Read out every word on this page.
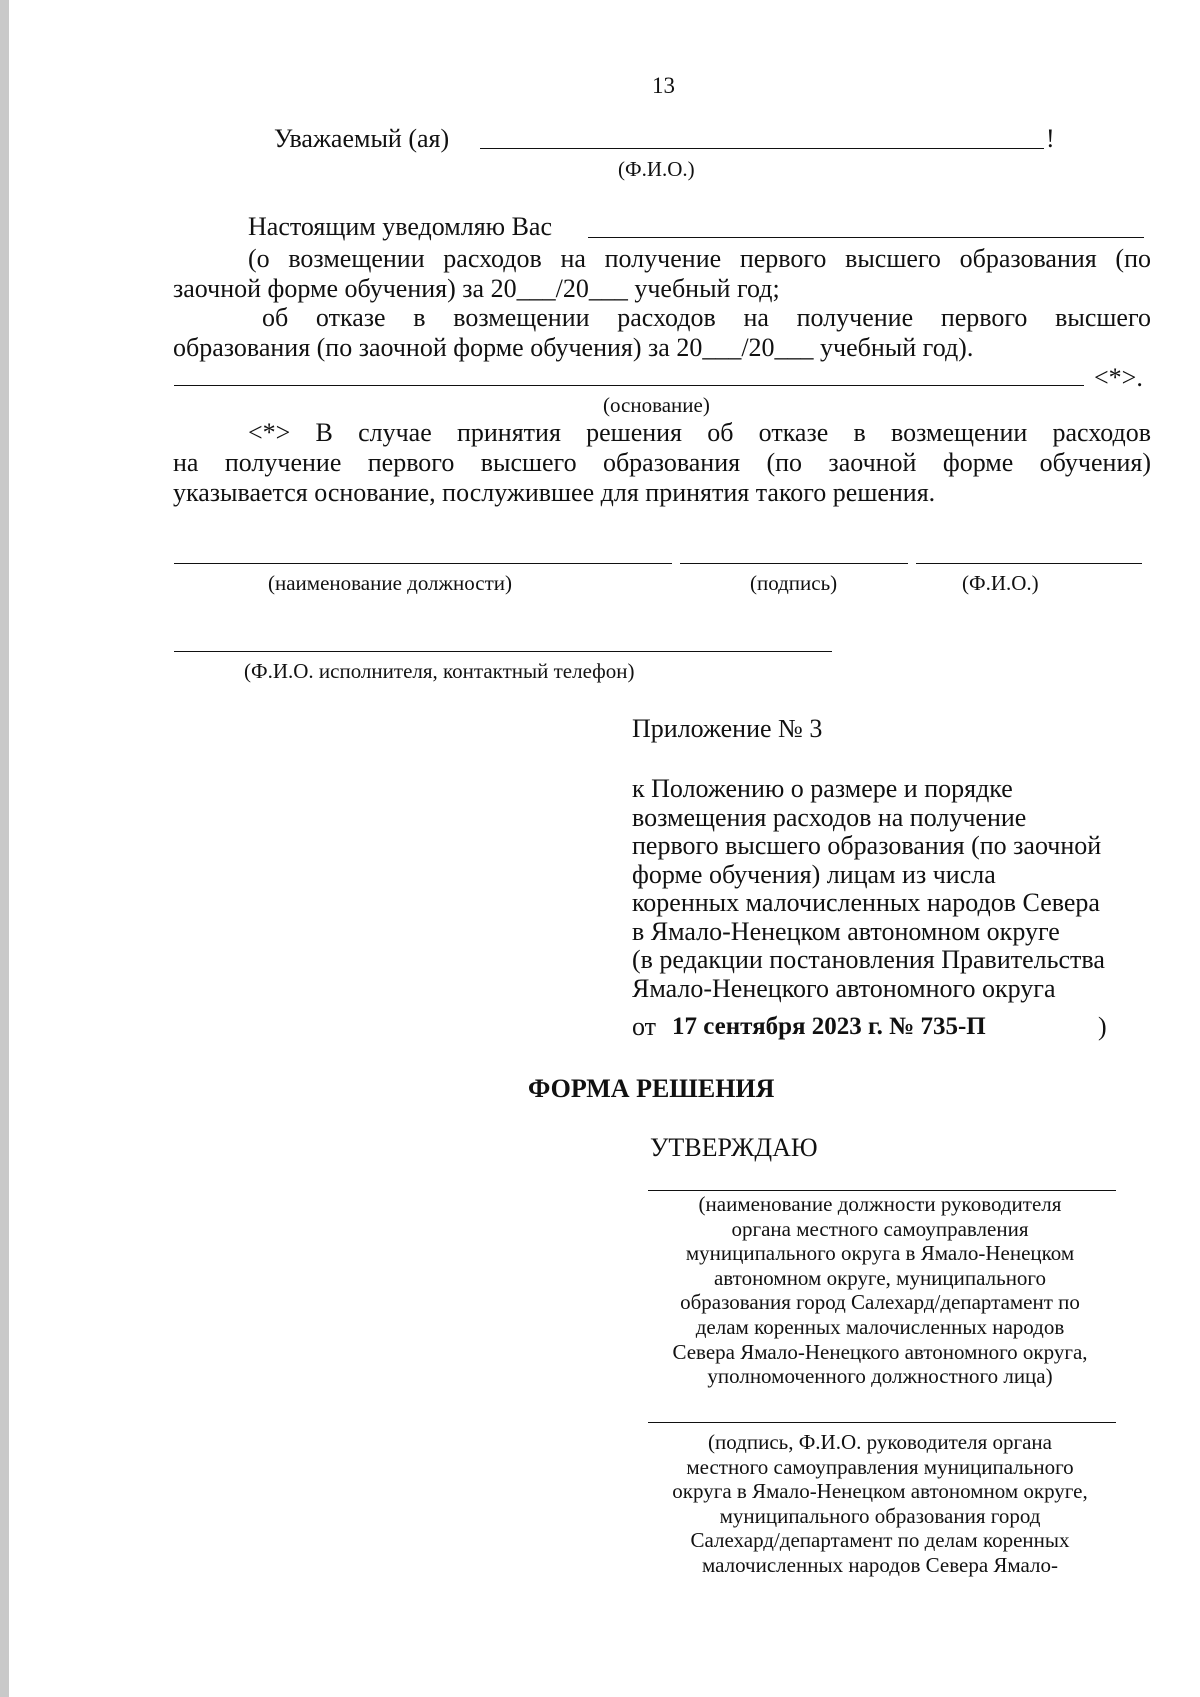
13
Уважаемый (ая)	!
(Ф.И.О.)
Настоящим уведомляю Вас
(о возмещении расходов на получение первого высшего образования (по
заочной форме обучения) за 20___/20___ учебный год;
об отказе в возмещении расходов на получение первого высшего
образования (по заочной форме обучения) за 20___/20___ учебный год).
<*>.
(основание)
<*> В случае принятия решения об отказе в возмещении расходов
на получение первого высшего образования (по заочной форме обучения)
указывается основание, послужившее для принятия такого решения.
(наименование должности)	(подпись)	(Ф.И.О.)
(Ф.И.О. исполнителя, контактный телефон)
Приложение № 3
к Положению о размере и порядке
возмещения расходов на получение
первого высшего образования (по заочной
форме обучения) лицам из числа
коренных малочисленных народов Севера
в Ямало-Ненецком автономном округе
(в редакции постановления Правительства
Ямало-Ненецкого автономного округа
от 17 сентября 2023 г. № 735-П	)
ФОРМА РЕШЕНИЯ
УТВЕРЖДАЮ
(наименование должности руководителя
органа местного самоуправления
муниципального округа в Ямало-Ненецком
автономном округе, муниципального
образования город Салехард/департамент по
делам коренных малочисленных народов
Севера Ямало-Ненецкого автономного округа,
уполномоченного должностного лица)
(подпись, Ф.И.О. руководителя органа
местного самоуправления муниципального
округа в Ямало-Ненецком автономном округе,
муниципального образования город
Салехард/департамент по делам коренных
малочисленных народов Севера Ямало-
